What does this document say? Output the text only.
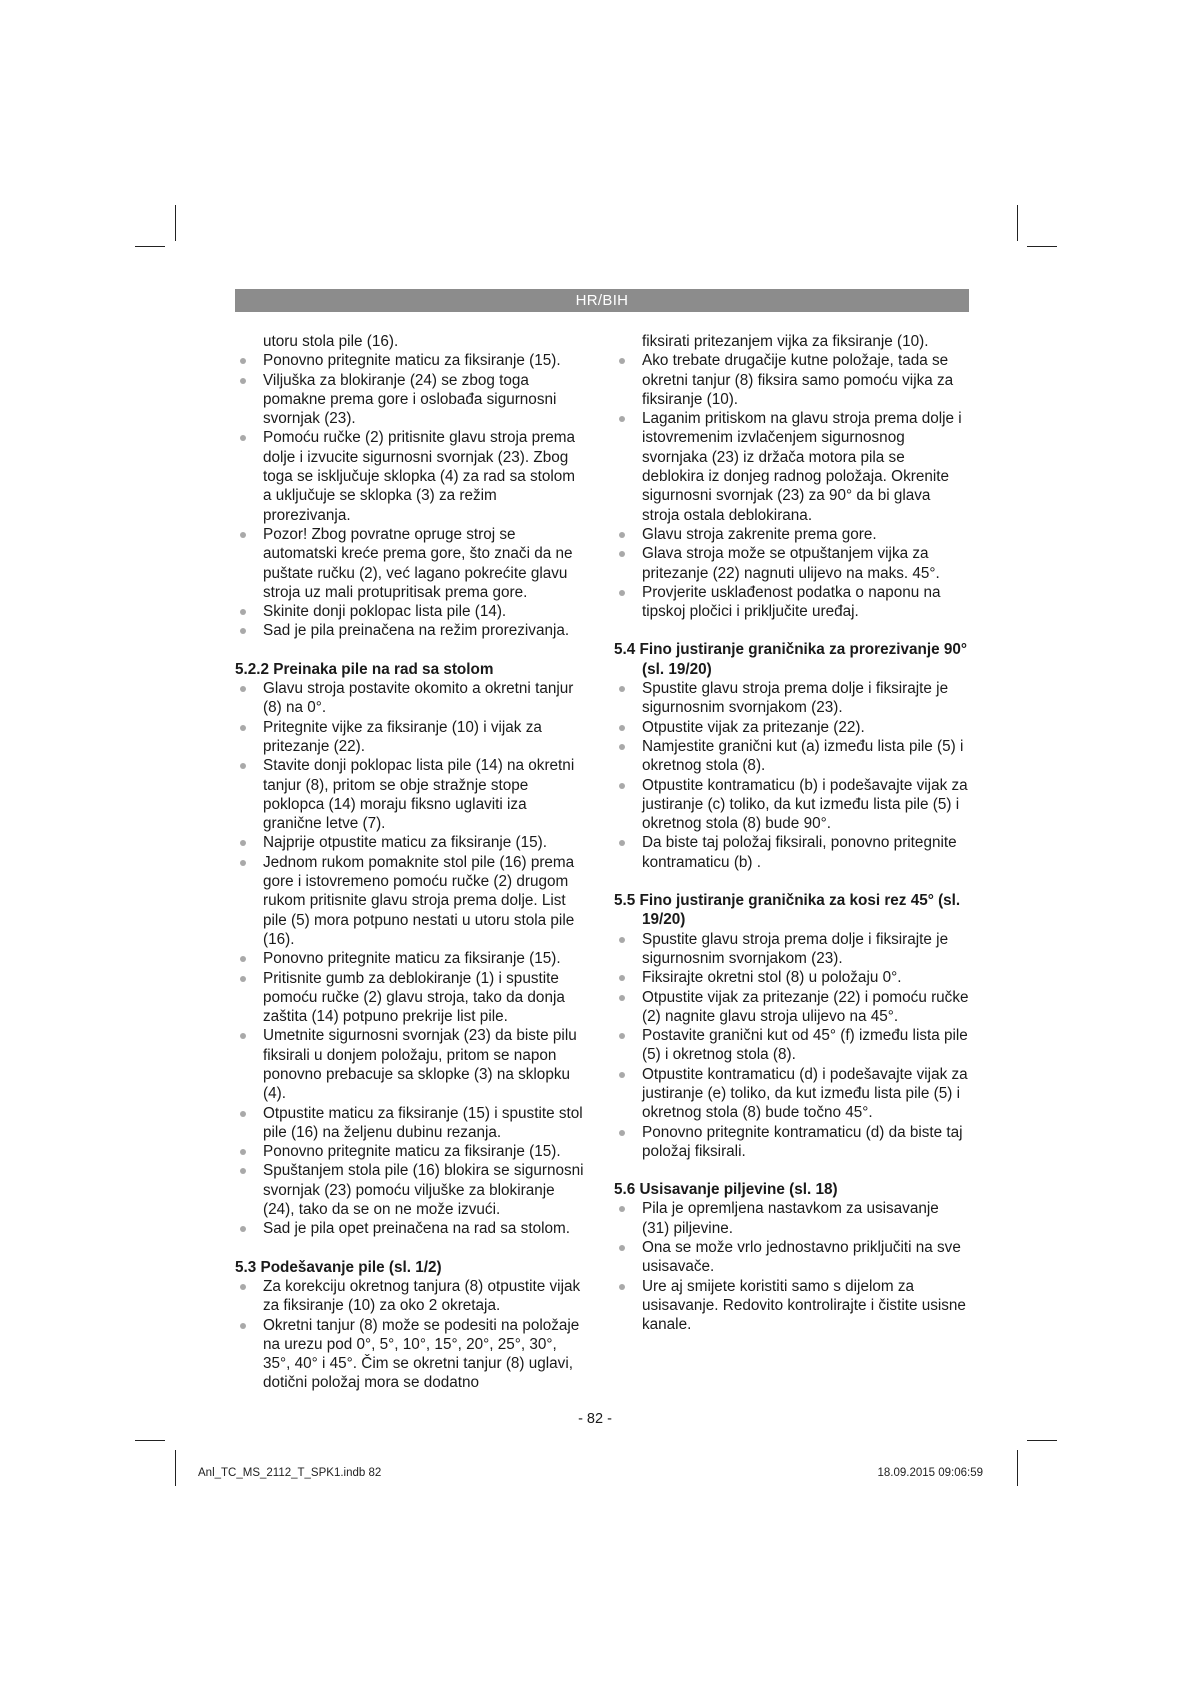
HR/BIH

utoru stola pile (16).

Ponovno pritegnite maticu za fiksiranje (15).

Viljuška za blokiranje (24) se zbog toga pomakne prema gore i oslobađa sigurnosni svornjak (23).

Pomoću ručke (2) pritisnite glavu stroja prema dolje i izvucite sigurnosni svornjak (23). Zbog toga se isključuje sklopka (4) za rad sa stolom a uključuje se sklopka (3) za režim prorezivanja.

Pozor! Zbog povratne opruge stroj se automatski kreće prema gore, što znači da ne puštate ručku (2), već lagano pokrećite glavu stroja uz mali protupritisak prema gore.

Skinite donji poklopac lista pile (14).

Sad je pila preinačena na režim prorezivanja.

5.2.2 Preinaka pile na rad sa stolom

Glavu stroja postavite okomito a okretni tanjur (8) na 0°.

Pritegnite vijke za fiksiranje (10) i vijak za pritezanje (22).

Stavite donji poklopac lista pile (14) na okretni tanjur (8), pritom se obje stražnje stope poklopca (14) moraju fiksno uglaviti iza granične letve (7).

Najprije otpustite maticu za fiksiranje (15).

Jednom rukom pomaknite stol pile (16) prema gore i istovremeno pomoću ručke (2) drugom rukom pritisnite glavu stroja prema dolje. List pile (5) mora potpuno nestati u utoru stola pile (16).

Ponovno pritegnite maticu za fiksiranje (15).

Pritisnite gumb za deblokiranje (1) i spustite pomoću ručke (2) glavu stroja, tako da donja zaštita (14) potpuno prekrije list pile.

Umetnite sigurnosni svornjak (23) da biste pilu fiksirali u donjem položaju, pritom se napon ponovno prebacuje sa sklopke (3) na sklopku (4).

Otpustite maticu za fiksiranje (15) i spustite stol pile (16) na željenu dubinu rezanja.

Ponovno pritegnite maticu za fiksiranje (15).

Spuštanjem stola pile (16) blokira se sigurnosni svornjak (23) pomoću viljuške za blokiranje (24), tako da se on ne može izvući.

Sad je pila opet preinačena na rad sa stolom.

5.3 Podešavanje pile (sl. 1/2)

Za korekciju okretnog tanjura (8) otpustite vijak za fiksiranje (10) za oko 2 okretaja.

Okretni tanjur (8) može se podesiti na položaje na urezu pod 0°, 5°, 10°, 15°, 20°, 25°, 30°, 35°, 40° i 45°. Čim se okretni tanjur (8) uglavi, dotični položaj mora se dodatno

fiksirati pritezanjem vijka za fiksiranje (10).

Ako trebate drugačije kutne položaje, tada se okretni tanjur (8) fiksira samo pomoću vijka za fiksiranje (10).

Laganim pritiskom na glavu stroja prema dolje i istovremenim izvlačenjem sigurnosnog svornjaka (23) iz držača motora pila se deblokira iz donjeg radnog položaja. Okrenite sigurnosni svornjak (23) za 90° da bi glava stroja ostala deblokirana.

Glavu stroja zakrenite prema gore.

Glava stroja može se otpuštanjem vijka za pritezanje (22) nagnuti ulijevo na maks. 45°.

Provjerite usklađenost podatka o naponu na tipskoj pločici i priključite uređaj.

5.4 Fino justiranje graničnika za prorezivanje 90° (sl. 19/20)

Spustite glavu stroja prema dolje i fiksirajte je sigurnosnim svornjakom (23).

Otpustite vijak za pritezanje (22).

Namjestite granični kut (a) između lista pile (5) i okretnog stola (8).

Otpustite kontramaticu (b) i podešavajte vijak za justiranje (c) toliko, da kut između lista pile (5) i okretnog stola (8) bude 90°.

Da biste taj položaj fiksirali, ponovno pritegnite kontramaticu (b) .

5.5 Fino justiranje graničnika za kosi rez 45° (sl. 19/20)

Spustite glavu stroja prema dolje i fiksirajte je sigurnosnim svornjakom (23).

Fiksirajte okretni stol (8) u položaju 0°.

Otpustite vijak za pritezanje (22) i pomoću ručke (2) nagnite glavu stroja ulijevo na 45°.

Postavite granični kut od 45° (f) između lista pile (5) i okretnog stola (8).

Otpustite kontramaticu (d) i podešavajte vijak za justiranje (e) toliko, da kut između lista pile (5) i okretnog stola (8) bude točno 45°.

Ponovno pritegnite kontramaticu (d) da biste taj položaj fiksirali.

5.6 Usisavanje piljevine (sl. 18)

Pila je opremljena nastavkom za usisavanje (31) piljevine.

Ona se može vrlo jednostavno priključiti na sve usisavače.

Ure aj smijete koristiti samo s dijelom za usisavanje. Redovito kontrolirajte i čistite usisne kanale.

- 82 -
Anl_TC_MS_2112_T_SPK1.indb 82	18.09.2015 09:06:59
